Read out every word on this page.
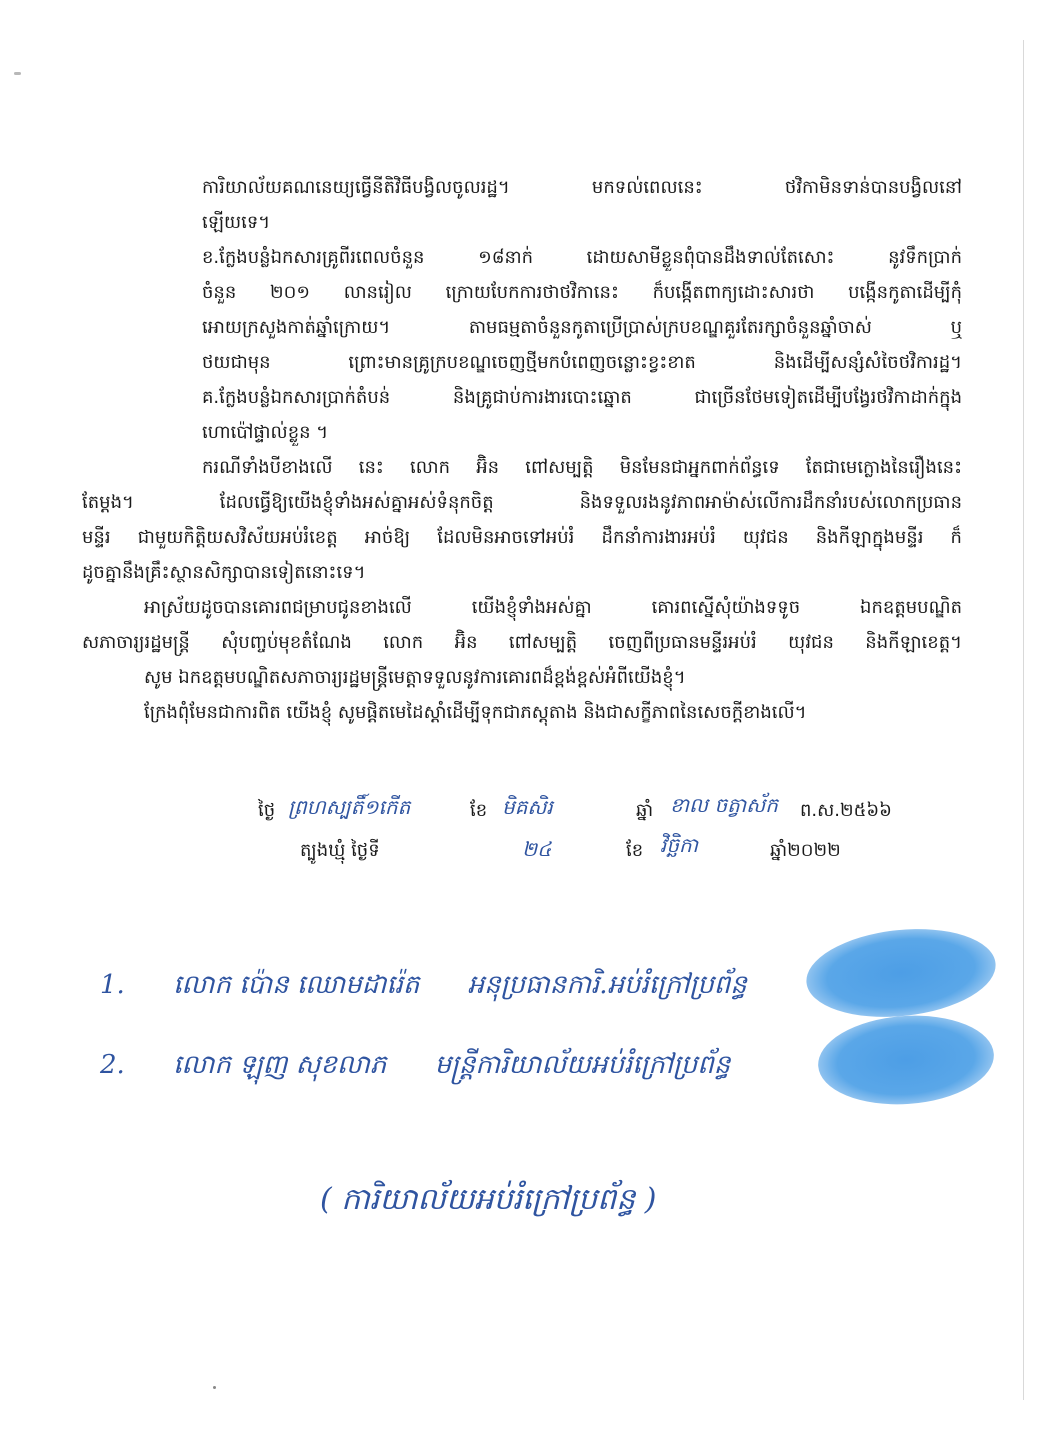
ការិយាល័យគណនេយ្យធ្វើនីតិវិធីបង្វិលចូលរដ្ឋ។ មកទល់ពេលនេះ ថវិកាមិនទាន់បានបង្វិលនៅ
ឡើយទេ។
ខ.ក្លែងបន្លំឯកសារគ្រូពីរពេលចំនួន ១៨នាក់ ដោយសាមីខ្លួនពុំបានដឹងទាល់តែសោះ នូវទឹកប្រាក់
ចំនួន ២០១ លានរៀល ក្រោយបែកការថាថវិកានេះ ក៏បង្កើតពាក្យដោះសារថា បង្កើនកូតាដើម្បីកុំ
អោយក្រសួងកាត់ឆ្នាំក្រោយ។ តាមធម្មតាចំនួនកូតាប្រើប្រាស់ក្របខណ្ឌគួរតែរក្សាចំនួនឆ្នាំចាស់ ឬ
ថយជាមុន ព្រោះមានគ្រូក្របខណ្ឌចេញថ្មីមកបំពេញចន្លោះខ្វះខាត និងដើម្បីសន្សំសំចៃថវិការដ្ឋ។
គ.ក្លែងបន្លំឯកសារប្រាក់តំបន់ និងគ្រូជាប់ការងារបោះឆ្នោត ជាច្រើនថែមទៀតដើម្បីបង្វែរថវិកាដាក់ក្នុង
ហោប៉ៅផ្ទាល់ខ្លួន ។
ករណីទាំងបីខាងលើ នេះ លោក អ៊ិន ពៅសម្បត្តិ មិនមែនជាអ្នកពាក់ព័ន្ធទេ តែជាមេក្លោងនៃរឿងនេះ
តែម្តង។ ដែលធ្វើឱ្យយើងខ្ញុំទាំងអស់គ្នាអស់ទំនុកចិត្ត និងទទួលរងនូវភាពអាម៉ាស់លើការដឹកនាំរបស់លោកប្រធាន
មន្ទីរ ជាមួយកិត្តិយសវិស័យអប់រំខេត្ត អាច់ឱ្យ ដែលមិនអាចទៅអប់រំ ដឹកនាំការងារអប់រំ យុវជន និងកីឡាក្នុងមន្ទីរ ក៏
ដូចគ្នានឹងគ្រឹះស្ថានសិក្សាបានទៀតនោះទេ។
អាស្រ័យដូចបានគោរពជម្រាបជូនខាងលើ យើងខ្ញុំទាំងអស់គ្នា គោរពស្នើសុំយ៉ាងទទូច ឯកឧត្តមបណ្ឌិត
សភាចារ្យរដ្ឋមន្ត្រី សុំបញ្ចប់មុខតំណែង លោក អ៊ិន ពៅសម្បត្តិ ចេញពីប្រធានមន្ទីរអប់រំ យុវជន និងកីឡាខេត្ត។
សូម ឯកឧត្តមបណ្ឌិតសភាចារ្យរដ្ឋមន្ត្រីមេត្តាទទួលនូវការគោរពដ៏ខ្ពង់ខ្ពស់អំពីយើងខ្ញុំ។
ក្រែងពុំមែនជាការពិត យើងខ្ញុំ សូមផ្តិតមេដៃស្តាំដើម្បីទុកជាភស្តុតាង និងជាសក្ខីភាពនៃសេចក្តីខាងលើ។
ថ្ងៃ ព្រហស្បតិ៍១កើត	ខែ មិគសិរ	ឆ្នាំ ខាល ចត្វាស័ក ព.ស.២៥៦៦
ត្បូងឃ្មុំ ថ្ងៃទី	២៤	ខែ វិច្ឆិកា	ឆ្នាំ២០២២
1. លោក ប៉ោន ឈោមដារ៉េត អនុប្រធានការិ.អប់រំក្រៅប្រព័ន្ធ
2. លោក ឡុញ សុខលាភ មន្ត្រីការិយាល័យអប់រំក្រៅប្រព័ន្ធ
( ការិយាល័យអប់រំក្រៅប្រព័ន្ធ )
